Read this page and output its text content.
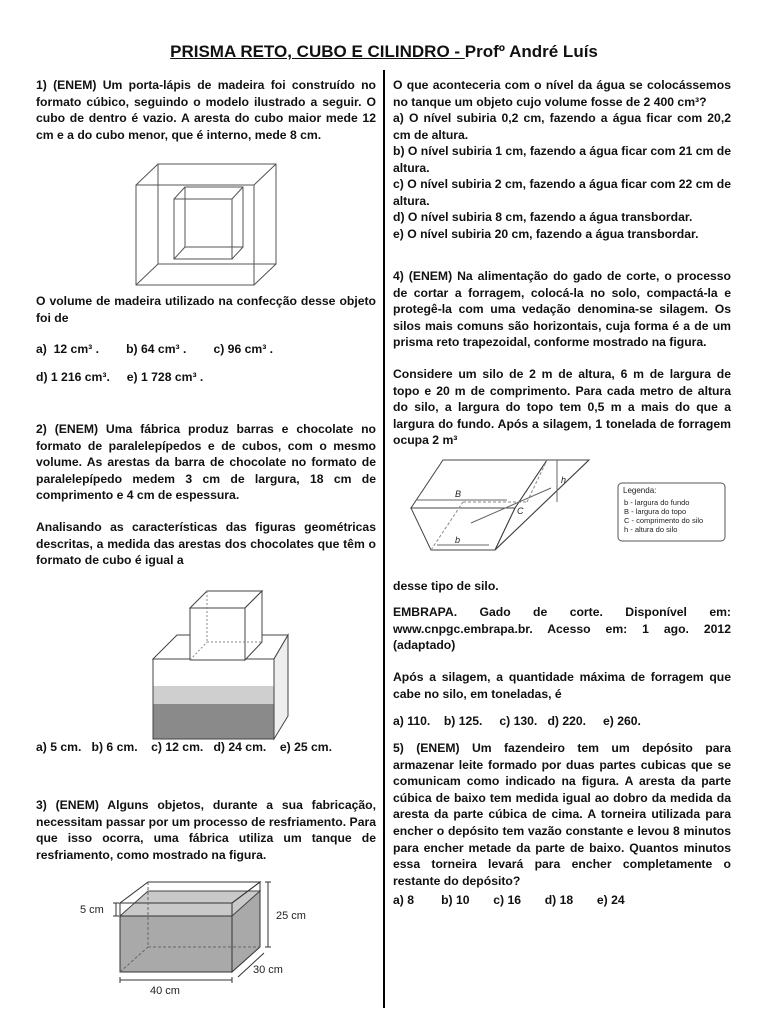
PRISMA RETO, CUBO E CILINDRO - Profº André Luís

1) (ENEM) Um porta-lápis de madeira foi construído no formato cúbico, seguindo o modelo ilustrado a seguir. O cubo de dentro é vazio. A aresta do cubo maior mede 12 cm e a do cubo menor, que é interno, mede 8 cm.

O volume de madeira utilizado na confecção desse objeto foi de

a)  12 cm³ .        b) 64 cm³ .        c) 96 cm³ .

d) 1 216 cm³.     e) 1 728 cm³ .

2) (ENEM) Uma fábrica produz barras e chocolate no formato de paralelepípedos e de cubos, com o mesmo volume. As arestas da barra de chocolate no formato de paralelepípedo medem 3 cm de largura, 18 cm de comprimento e 4 cm de espessura.

Analisando as características das figuras geométricas descritas, a medida das arestas dos chocolates que têm o formato de cubo é igual a

a) 5 cm.   b) 6 cm.    c) 12 cm.   d) 24 cm.    e) 25 cm.

3) (ENEM) Alguns objetos, durante a sua fabricação, necessitam passar por um processo de resfriamento. Para que isso ocorra, uma fábrica utiliza um tanque de resfriamento, como mostrado na figura.

5 cm	25 cm
30 cm
40 cm

O que aconteceria com o nível da água se colocássemos no tanque um objeto cujo volume fosse de 2 400 cm³?

a) O nível subiria 0,2 cm, fazendo a água ficar com 20,2 cm de altura.

b) O nível subiria 1 cm, fazendo a água ficar com 21 cm de altura.

c) O nível subiria 2 cm, fazendo a água ficar com 22 cm de altura.

d) O nível subiria 8 cm, fazendo a água transbordar.

e) O nível subiria 20 cm, fazendo a água transbordar.

4) (ENEM) Na alimentação do gado de corte, o processo de cortar a forragem, colocá-la no solo, compactá-la e protegê-la com uma vedação denomina-se silagem. Os silos mais comuns são horizontais, cuja forma é a de um prisma reto trapezoidal, conforme mostrado na figura.

Considere um silo de 2 m de altura, 6 m de largura de topo e 20 m de comprimento. Para cada metro de altura do silo, a largura do topo tem 0,5 m a mais do que a largura do fundo. Após a silagem, 1 tonelada de forragem ocupa 2 m³

B
b
h
C
Legenda:
b - largura do fundo
B - largura do topo
C - comprimento do silo
h - altura do silo

desse tipo de silo.

EMBRAPA. Gado de corte. Disponível em: www.cnpgc.embrapa.br. Acesso em: 1 ago. 2012 (adaptado)

Após a silagem, a quantidade máxima de forragem que cabe no silo, em toneladas, é

a) 110.    b) 125.     c) 130.   d) 220.     e) 260.

5) (ENEM) Um fazendeiro tem um depósito para armazenar leite formado por duas partes cubicas que se comunicam como indicado na figura. A aresta da parte cúbica de baixo tem medida igual ao dobro da medida da aresta da parte cúbica de cima. A torneira utilizada para encher o depósito tem vazão constante e levou 8 minutos para encher metade da parte de baixo. Quantos minutos essa torneira levará para encher completamente o restante do depósito?

a) 8        b) 10       c) 16       d) 18       e) 24
